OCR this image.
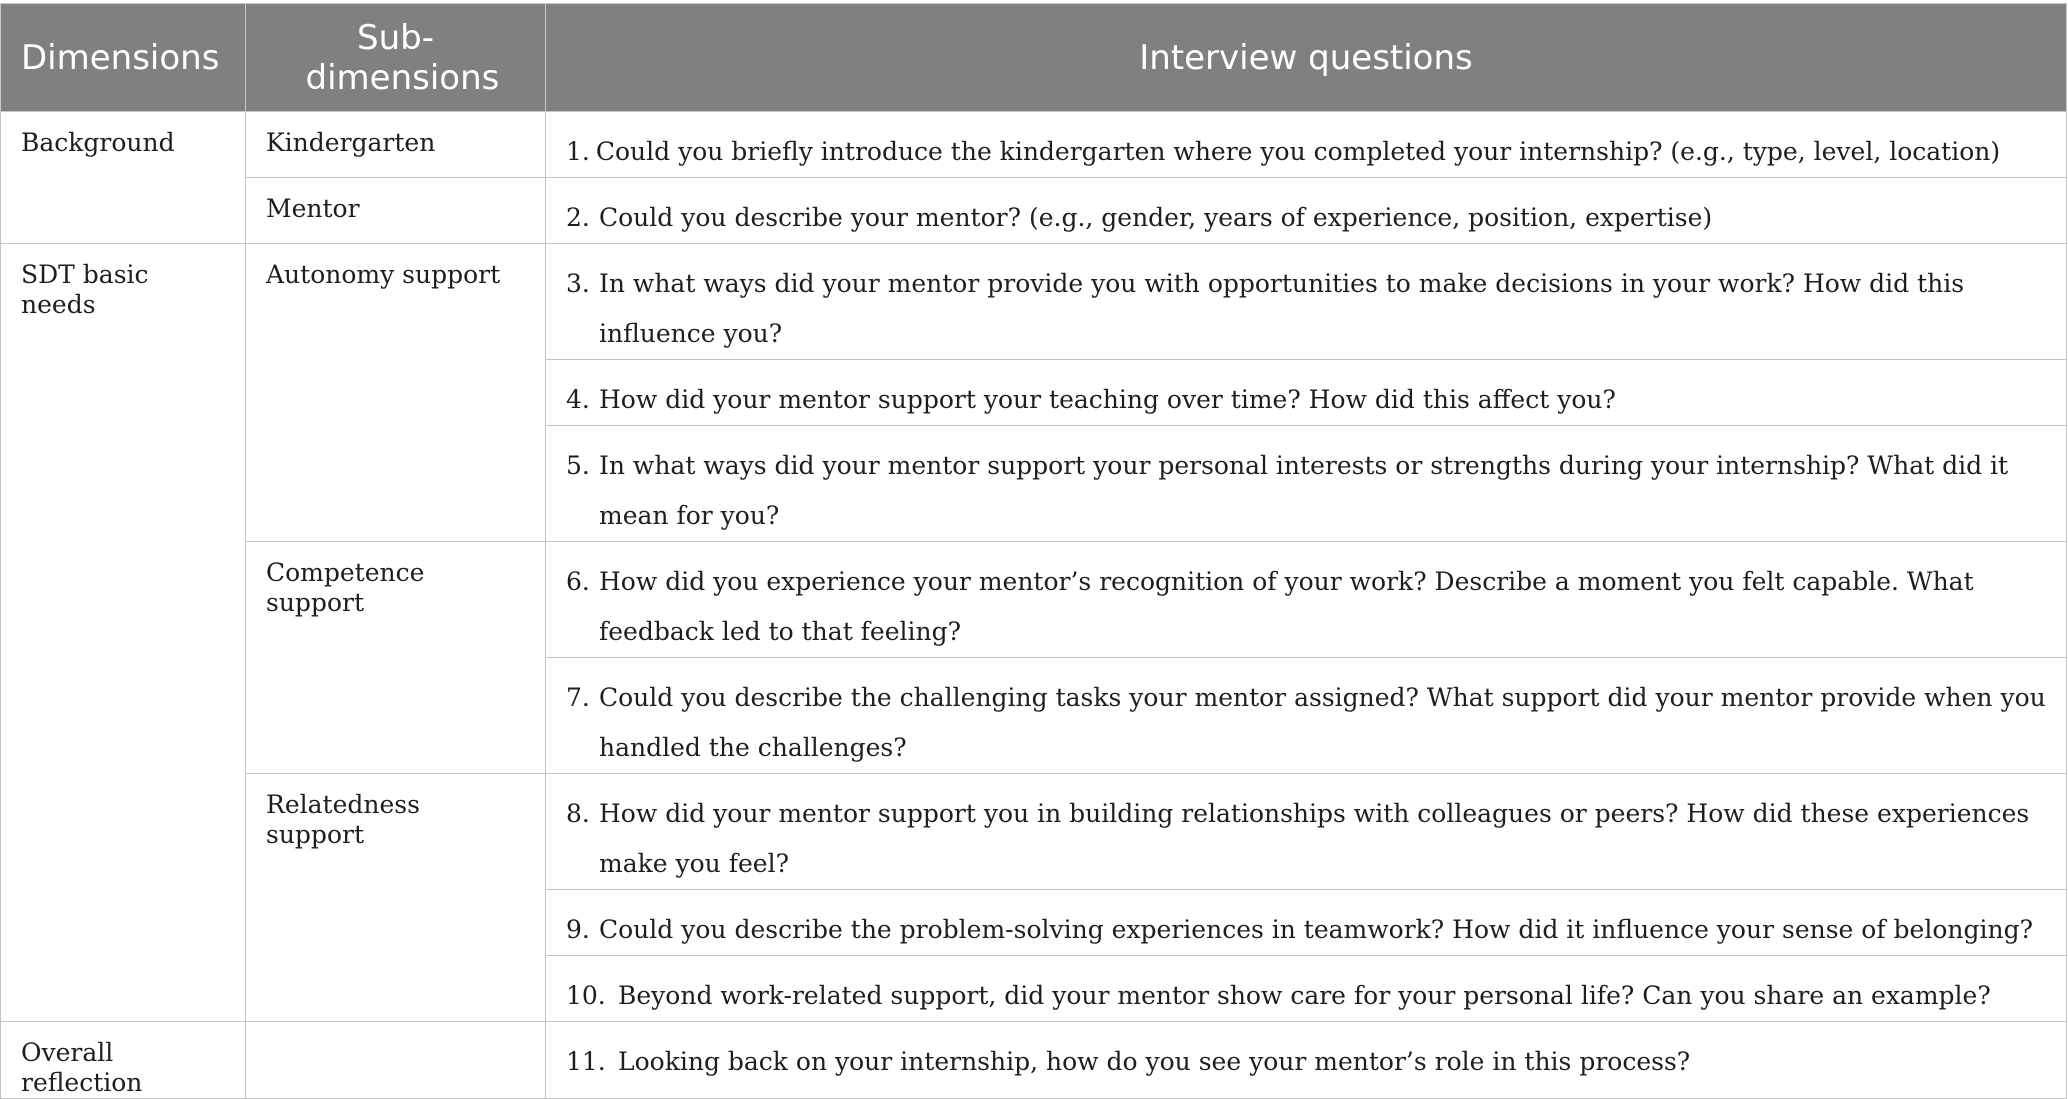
Dimensions	Sub-dimensions	Interview questions
Background	Kindergarten	1. Could you briefly introduce the kindergarten where you completed your internship? (e.g., type, level, location)

	Mentor	2. Could you describe your mentor? (e.g., gender, years of experience, position, expertise)

SDT basic needs	Autonomy support	3. In what ways did your mentor provide you with opportunities to make decisions in your work? How did this influence you?

		4. How did your mentor support your teaching over time? How did this affect you?

		5. In what ways did your mentor support your personal interests or strengths during your internship? What did it mean for you?

	Competence support	6. How did you experience your mentor’s recognition of your work? Describe a moment you felt capable. What feedback led to that feeling?

		7. Could you describe the challenging tasks your mentor assigned? What support did your mentor provide when you handled the challenges?

	Relatedness support	8. How did your mentor support you in building relationships with colleagues or peers? How did these experiences make you feel?

		9. Could you describe the problem-solving experiences in teamwork? How did it influence your sense of belonging?

		10. Beyond work-related support, did your mentor show care for your personal life? Can you share an example?

Overall reflection		11. Looking back on your internship, how do you see your mentor’s role in this process?
